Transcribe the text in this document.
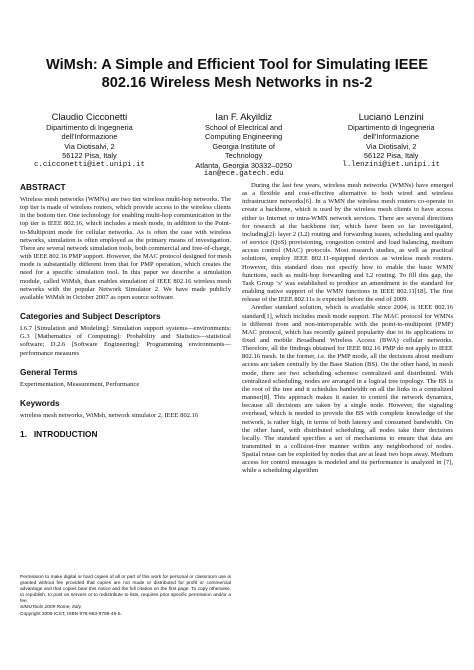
WiMsh: A Simple and Efficient Tool for Simulating IEEE
802.16 Wireless Mesh Networks in ns-2
Claudio Cicconetti
Dipartimento di Ingegneria
dell’Informazione
Via Diotisalvi, 2
56122 Pisa, Italy
c.cicconetti@iet.unipi.it
Ian F. Akyildiz
School of Electrical and
Computing Engineering
Georgia Institute of
Technology
Atlanta, Georgia 30332–0250
ian@ece.gatech.edu
Luciano Lenzini
Dipartimento di Ingegneria
dell’Informazione
Via Diotisalvi, 2
56122 Pisa, Italy
l.lenzini@iet.unipi.it
ABSTRACT

Wireless mesh networks (WMNs) are two tier wireless multi-hop networks. The top tier is made of wireless routers, which provide access to the wireless clients in the bottom tier. One technology for enabling multi-hop communication in the top tier is IEEE 802.16, which includes a mesh mode, in addition to the Point-to-Multipoint mode for cellular networks. As is often the case with wireless networks, simulation is often employed as the primary means of investigation. There are several network simulation tools, both commercial and free-of-charge, with IEEE 802.16 PMP support. However, the MAC protocol designed for mesh mode is substantially different from that for PMP operation, which creates the need for a specific simulation tool. In this paper we describe a simulation module, called WiMsh, than enables simulation of IEEE 802.16 wireless mesh networks with the popular Network Simulator 2. We have made publicly available WiMsh in October 2007 as open source software.

Categories and Subject Descriptors

I.6.7 [Simulation and Modeling]: Simulation support systems—environments; G.3 [Mathematics of Computing]: Probability and Statistics—statistical software; D.2.6 [Software Engineering]: Programming environments—performance measures

General Terms

Experimentation, Measurement, Performance

Keywords

wireless mesh networks, WiMsh, network simulator 2, IEEE 802.16

1.   INTRODUCTION

Permission to make digital or hard copies of all or part of this work for personal or classroom use is granted without fee provided that copies are not made or distributed for profit or commercial advantage and that copies bear this notice and the full citation on the first page. To copy otherwise, to republish, to post on servers or to redistribute to lists, requires prior specific permission and/or a fee.

SIMUTools 2009 Rome, Italy.

Copyright 2009 ICST, ISBN 978-963-9799-45-5.

During the last few years, wireless mesh networks (WMNs) have emerged as a flexible and cost-effective alternative to both wired and wireless infrastructure networks[6]. In a WMN the wireless mesh routers co-operate to create a backbone, which is used by the wireless mesh clients to have access either to Internet or intra-WMN network services. There are several directions for research at the backbone tier, which have been so far investigated, including[2]: layer 2 (L2) routing and forwarding issues, scheduling and quality of service (QoS) provisioning, congestion control and load balancing, medium access control (MAC) protocols. Most research studies, as well as practical solutions, employ IEEE 802.11-equipped devices as wireless mesh routers. However, this standard does not specify how to enable the basic WMN functions, such as multi-hop forwarding and L2 routing. To fill this gap, the Task Group ‘s’ was established to produce an amendment to the standard for enabling native support of the WMN functions in IEEE 802.11[18]. The first release of the IEEE 802.11s is expected before the end of 2009.

Another standard solution, which is available since 2004, is IEEE 802.16 standard[1], which includes mesh mode support. The MAC protocol for WMNs is different from and non-interoperable with the point-to-multipoint (PMP) MAC protocol, which has recently gained popularity due to its applications to fixed and mobile Broadband Wireless Access (BWA) cellular networks. Therefore, all the findings obtained for IEEE 802.16 PMP do not apply to IEEE 802.16 mesh. In the former, i.e. the PMP mode, all the decisions about medium access are taken centrally by the Base Station (BS). On the other hand, in mesh mode, there are two scheduling schemes: centralized and distributed. With centralized scheduling, nodes are arranged in a logical tree topology. The BS is the root of the tree and it schedules bandwidth on all the links in a centralized manner[8]. This approach makes it easier to control the network dynamics, because all decisions are taken by a single node. However, the signaling overhead, which is needed to provide the BS with complete knowledge of the network, is rather high, in terms of both latency and consumed bandwidth. On the other hand, with distributed scheduling, all nodes take their decisions locally. The standard specifies a set of mechanisms to ensure that data are transmitted in a collision-free manner within any neighborhood of nodes. Spatial reuse can be exploited by nodes that are at least two hops away. Medium access for control messages is modeled and its performance is analyzed in [7], while a scheduling algorithm
